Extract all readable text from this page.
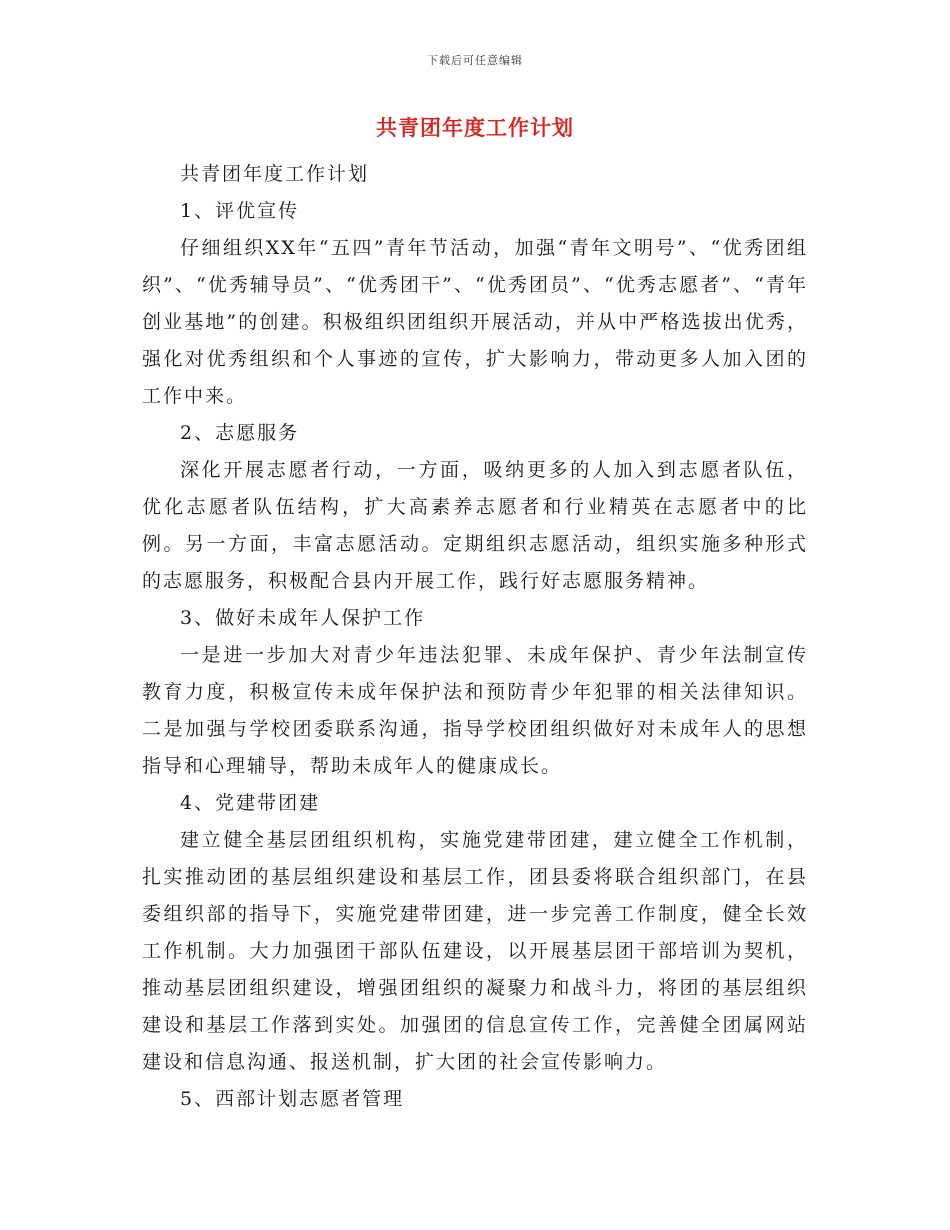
下载后可任意编辑
共青团年度工作计划

共青团年度工作计划

1、评优宣传

仔细组织XX年“五四”青年节活动，加强“青年文明号”、“优秀团组织”、“优秀辅导员”、“优秀团干”、“优秀团员”、“优秀志愿者”、“青年创业基地”的创建。积极组织团组织开展活动，并从中严格选拔出优秀，强化对优秀组织和个人事迹的宣传，扩大影响力，带动更多人加入团的工作中来。

2、志愿服务

深化开展志愿者行动，一方面，吸纳更多的人加入到志愿者队伍，优化志愿者队伍结构，扩大高素养志愿者和行业精英在志愿者中的比例。另一方面，丰富志愿活动。定期组织志愿活动，组织实施多种形式的志愿服务，积极配合县内开展工作，践行好志愿服务精神。

3、做好未成年人保护工作

一是进一步加大对青少年违法犯罪、未成年保护、青少年法制宣传教育力度，积极宣传未成年保护法和预防青少年犯罪的相关法律知识。二是加强与学校团委联系沟通，指导学校团组织做好对未成年人的思想指导和心理辅导，帮助未成年人的健康成长。

4、党建带团建

建立健全基层团组织机构，实施党建带团建，建立健全工作机制，扎实推动团的基层组织建设和基层工作，团县委将联合组织部门，在县委组织部的指导下，实施党建带团建，进一步完善工作制度，健全长效工作机制。大力加强团干部队伍建设，以开展基层团干部培训为契机，推动基层团组织建设，增强团组织的凝聚力和战斗力，将团的基层组织建设和基层工作落到实处。加强团的信息宣传工作，完善健全团属网站建设和信息沟通、报送机制，扩大团的社会宣传影响力。

5、西部计划志愿者管理
